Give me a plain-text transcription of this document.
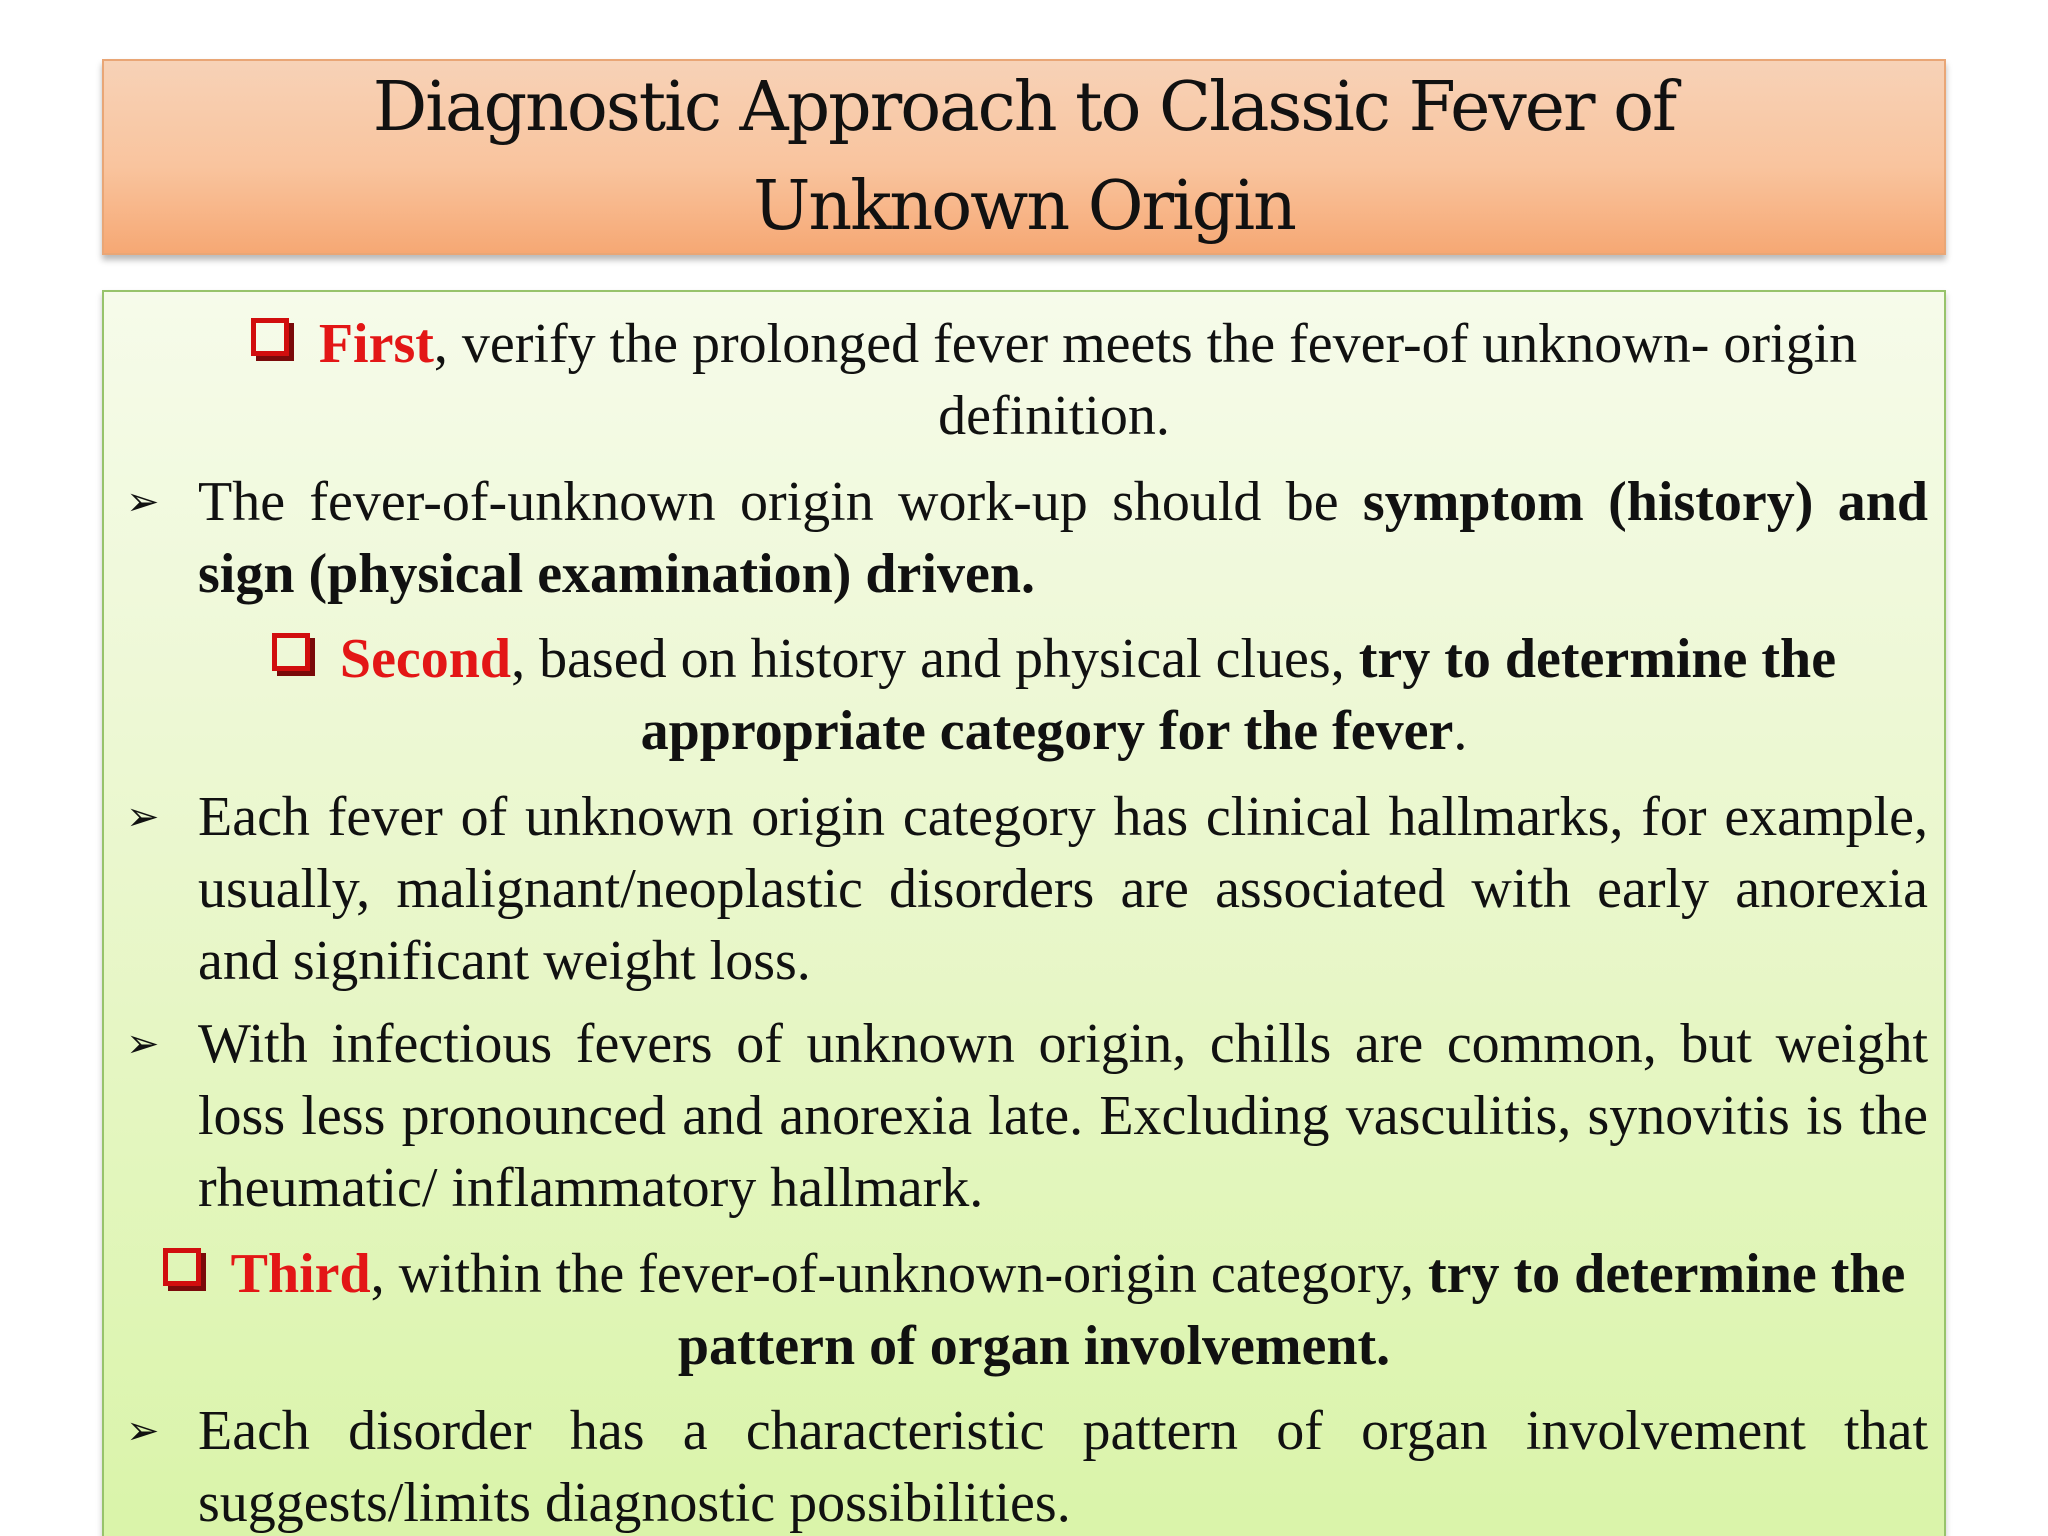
Diagnostic Approach to Classic Fever of Unknown Origin
First, verify the prolonged fever meets the fever-of unknown- origin definition.
➢ The fever-of-unknown origin work-up should be symptom (history) and sign (physical examination) driven.
Second, based on history and physical clues, try to determine the appropriate category for the fever.
➢ Each fever of unknown origin category has clinical hallmarks, for example, usually, malignant/neoplastic disorders are associated with early anorexia and significant weight loss.
➢ With infectious fevers of unknown origin, chills are common, but weight loss less pronounced and anorexia late. Excluding vasculitis, synovitis is the rheumatic/ inflammatory hallmark.
Third, within the fever-of-unknown-origin category, try to determine the pattern of organ involvement.
➢ Each disorder has a characteristic pattern of organ involvement that suggests/limits diagnostic possibilities.
